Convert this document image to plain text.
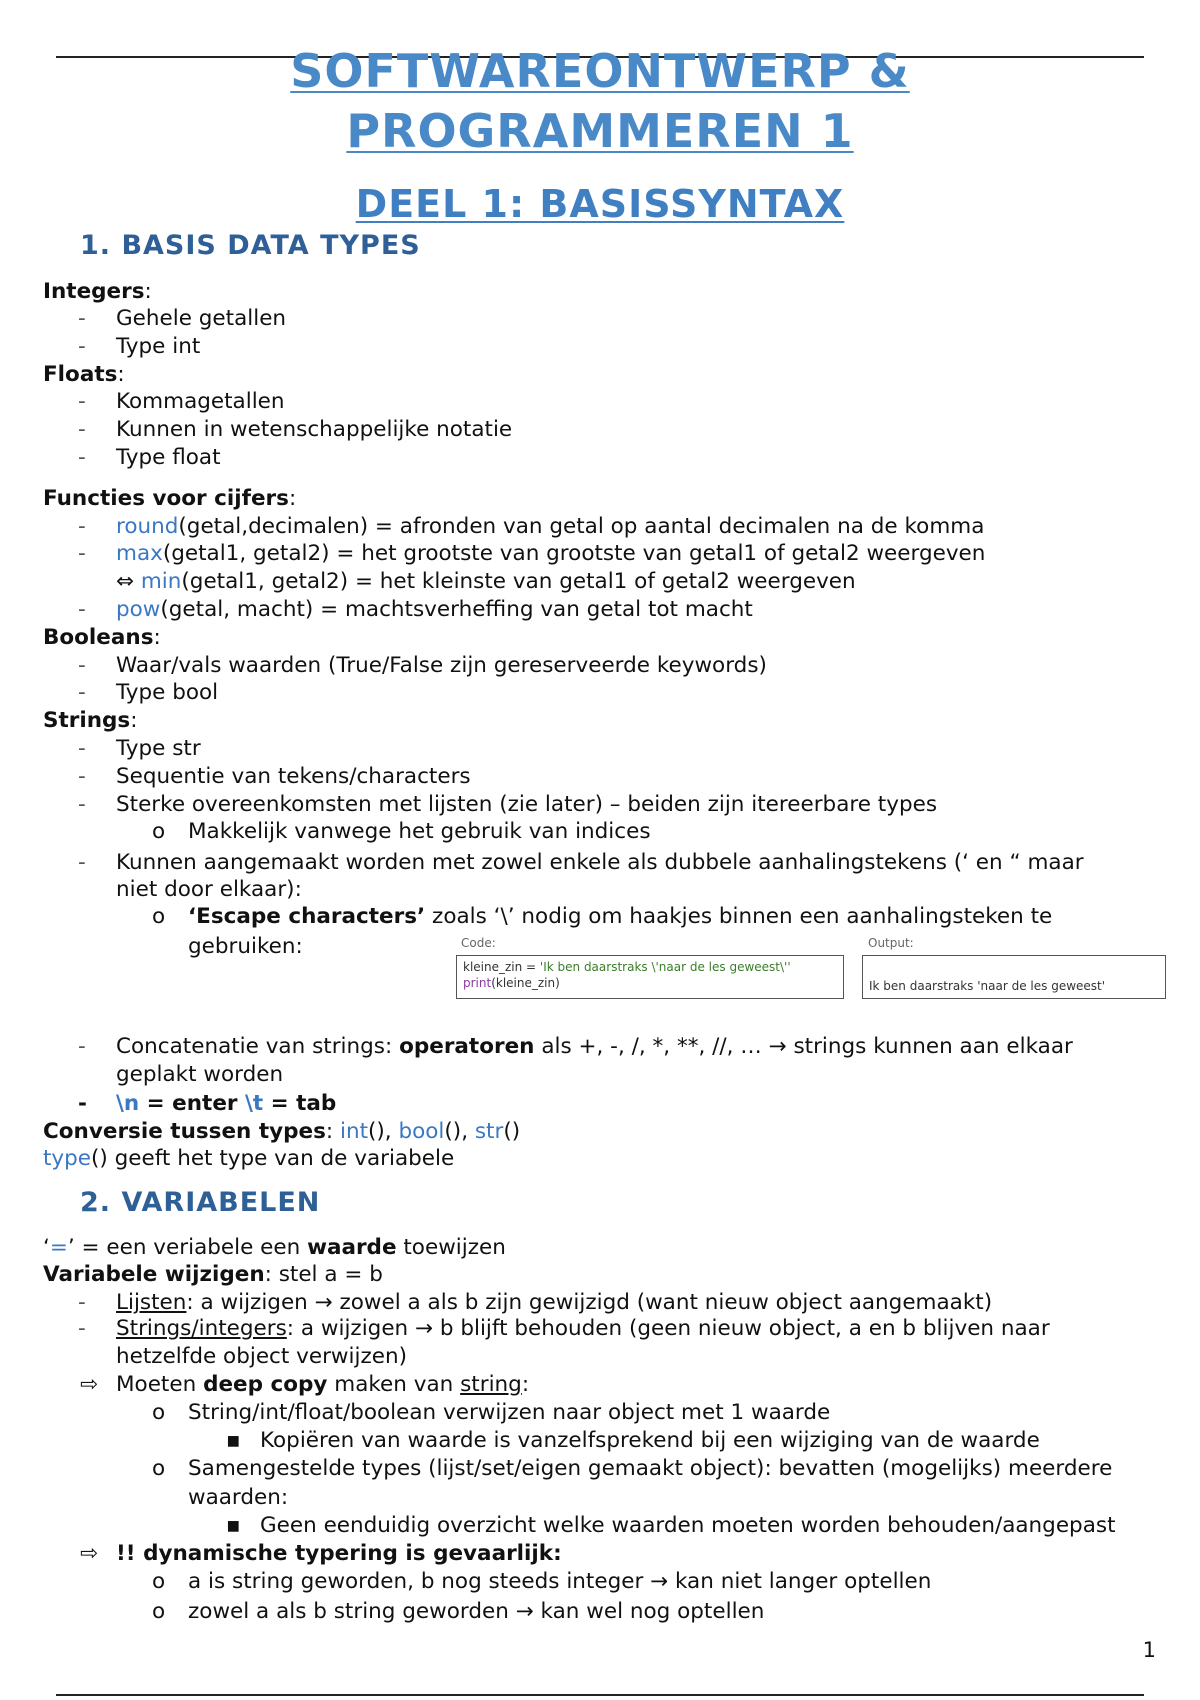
SOFTWAREONTWERP &
PROGRAMMEREN 1
DEEL 1: BASISSYNTAX
1. BASIS DATA TYPES
Integers:
- Gehele getallen
- Type int
Floats:
- Kommagetallen
- Kunnen in wetenschappelijke notatie
- Type float
Functies voor cijfers:
- round(getal,decimalen) = afronden van getal op aantal decimalen na de komma
- max(getal1, getal2) = het grootste van grootste van getal1 of getal2 weergeven
⇔ min(getal1, getal2) = het kleinste van getal1 of getal2 weergeven
- pow(getal, macht) = machtsverheffing van getal tot macht
Booleans:
- Waar/vals waarden (True/False zijn gereserveerde keywords)
- Type bool
Strings:
- Type str
- Sequentie van tekens/characters
- Sterke overeenkomsten met lijsten (zie later) – beiden zijn itereerbare types
o Makkelijk vanwege het gebruik van indices
- Kunnen aangemaakt worden met zowel enkele als dubbele aanhalingstekens (‘ en “ maar
niet door elkaar):
o ‘Escape characters’ zoals ‘\’ nodig om haakjes binnen een aanhalingsteken te
gebruiken:	Code:
kleine_zin = 'Ik ben daarstraks \'naar de les geweest\''
print(kleine_zin)
Output:
Ik ben daarstraks 'naar de les geweest'
- Concatenatie van strings: operatoren als +, -, /, *, **, //, … → strings kunnen aan elkaar
geplakt worden
- \n = enter \t = tab
Conversie tussen types: int(), bool(), str()
type() geeft het type van de variabele
2. VARIABELEN
‘=’ = een veriabele een waarde toewijzen
Variabele wijzigen: stel a = b
- Lijsten: a wijzigen → zowel a als b zijn gewijzigd (want nieuw object aangemaakt)
- Strings/integers: a wijzigen → b blijft behouden (geen nieuw object, a en b blijven naar
hetzelfde object verwijzen)
⇨ Moeten deep copy maken van string:
o String/int/float/boolean verwijzen naar object met 1 waarde
▪ Kopiëren van waarde is vanzelfsprekend bij een wijziging van de waarde
o Samengestelde types (lijst/set/eigen gemaakt object): bevatten (mogelijks) meerdere
waarden:
▪ Geen eenduidig overzicht welke waarden moeten worden behouden/aangepast
⇨ !! dynamische typering is gevaarlijk:
o a is string geworden, b nog steeds integer → kan niet langer optellen
o zowel a als b string geworden → kan wel nog optellen
1
